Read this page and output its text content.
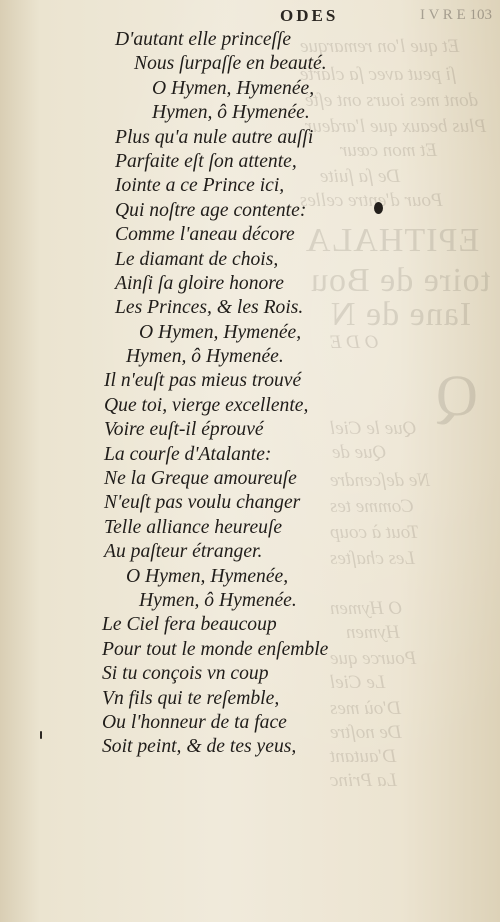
Et que l'on remarque
ſi peut avec ſa clarté
dont mes iours ont eſté
Plus beaux que l'ardeur
Et mon cœur
De ſa ſuite
Pour d'entre celles
EPITHALA
toire de Bou
Iane de N
O D E
Q
Que le Ciel
Que de
Ne deſcendre
Comme tes
Tout à coup
Les chaſtes
O Hymen
Hymen
Pource que
Le Ciel
D'où mes
De noſtre
D'autant
La Princ
ODES	I V R E 103
D'autant elle princeſſe
Nous ſurpaſſe en beauté.
O Hymen, Hymenée,
Hymen, ô Hymenée.
Plus qu'a nule autre auſſi
Parfaite eſt ſon attente,
Iointe a ce Prince ici,
Qui noſtre age contente:
Comme l'aneau décore
Le diamant de chois,
Ainſi ſa gloire honore
Les Princes, & les Rois.
O Hymen, Hymenée,
Hymen, ô Hymenée.
Il n'euſt pas mieus trouvé
Que toi, vierge excellente,
Voire euſt-il éprouvé
La courſe d'Atalante:
Ne la Greque amoureuſe
N'euſt pas voulu changer
Telle alliance heureuſe
Au paſteur étranger.
O Hymen, Hymenée,
Hymen, ô Hymenée.
Le Ciel fera beaucoup
Pour tout le monde enſemble
Si tu conçois vn coup
Vn fils qui te reſemble,
Ou l'honneur de ta face
Soit peint, & de tes yeus,
